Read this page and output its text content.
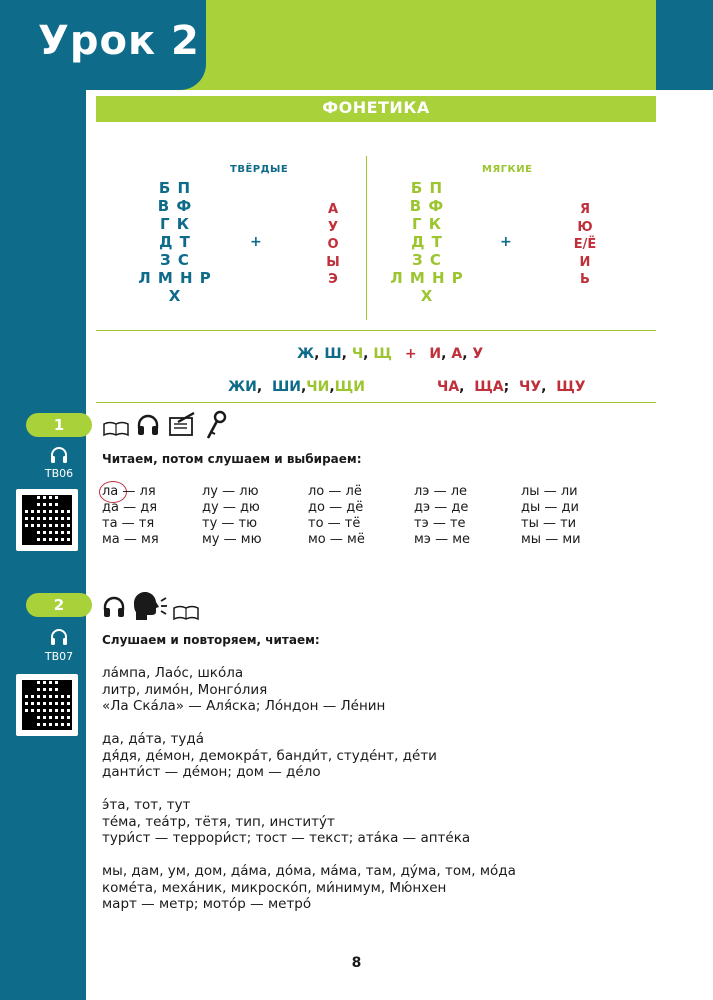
Урок 2
ФОНЕТИКА
ТВЁРДЫЕ	МЯГКИЕ
Б П
В Ф
Г К
Д Т
З С
Л М Н Р
Х
+
А
У
О
Ы
Э
Б П
В Ф
Г К
Д Т
З С
Л М Н Р
Х
+
Я
Ю
Е/Ё
И
Ь
Ж, Ш, Ч, Щ + И, А, У
ЖИ,  ШИ,ЧИ,ЩИ	ЧА,  ЩА;  ЧУ,  ЩУ
1
TB06
Читаем, потом слушаем и выбираем:
ла — ля
да — дя
та — тя
ма — мя
лу — лю
ду — дю
ту — тю
му — мю
ло — лё
до — дё
то — тё
мо — мё
лэ — ле
дэ — де
тэ — те
мэ — ме
лы — ли
ды — ди
ты — ти
мы — ми
2
TB07
Слушаем и повторяем, читаем:
ла́мпа, Лао́с, шко́ла
литр, лимо́н, Монго́лия
«Ла Ска́ла» — Аля́ска; Ло́ндон — Ле́нин

да, да́та, туда́
дя́дя, де́мон, демокра́т, банди́т, студе́нт, де́ти
данти́ст — де́мон; дом — де́ло

э́та, тот, тут
те́ма, теа́тр, тётя, тип, институ́т
тури́ст — террори́ст; тост — текст; ата́ка — апте́ка

мы, дам, ум, дом, да́ма, до́ма, ма́ма, там, ду́ма, том, мо́да
коме́та, меха́ник, микроско́п, ми́нимум, Мю́нхен
март — метр; мото́р — метро́
8
